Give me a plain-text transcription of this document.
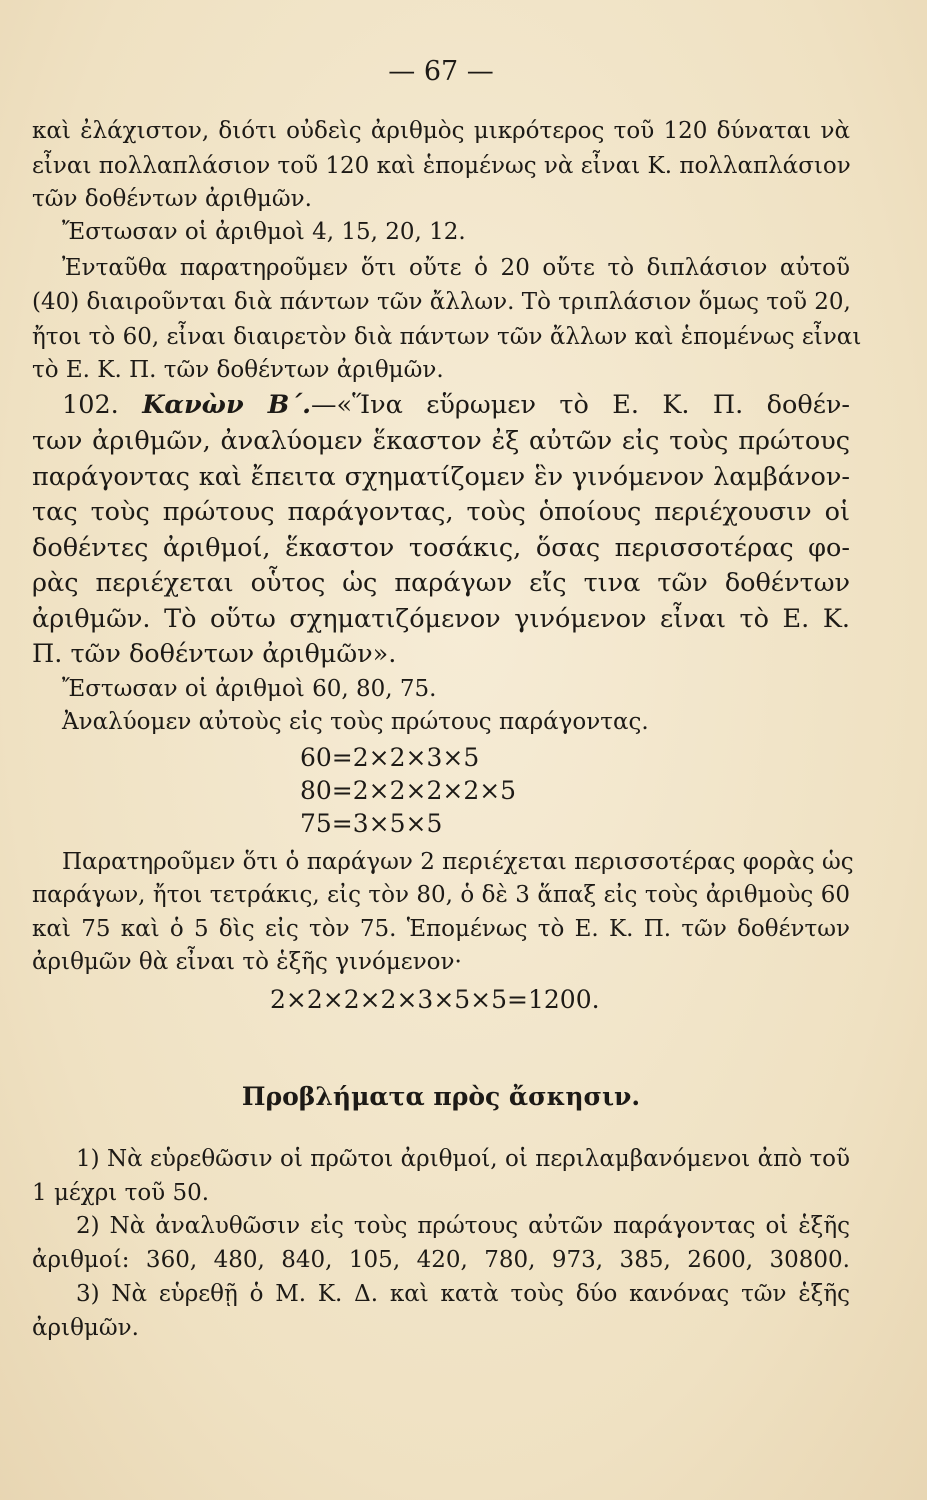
— 67 —
καὶ ἐλάχιστον, διότι οὐδεὶς ἀριθμὸς μικρότερος τοῦ 120 δύναται νὰ
εἶναι πολλαπλάσιον τοῦ 120 καὶ ἑπομένως νὰ εἶναι Κ. πολλαπλάσιον
τῶν δοθέντων ἀριθμῶν.
Ἔστωσαν οἱ ἀριθμοὶ 4, 15, 20, 12.
Ἐνταῦθα παρατηροῦμεν ὅτι οὔτε ὁ 20 οὔτε τὸ διπλάσιον αὐτοῦ
(40) διαιροῦνται διὰ πάντων τῶν ἄλλων. Τὸ τριπλάσιον ὅμως τοῦ 20,
ἤτοι τὸ 60, εἶναι διαιρετὸν διὰ πάντων τῶν ἄλλων καὶ ἑπομένως εἶναι
τὸ Ε. Κ. Π. τῶν δοθέντων ἀριθμῶν.
102. Κανὼν Β΄.—«Ἵνα εὕρωμεν τὸ Ε. Κ. Π. δοθέν-
των ἀριθμῶν, ἀναλύομεν ἕκαστον ἐξ αὐτῶν εἰς τοὺς πρώτους
παράγοντας καὶ ἔπειτα σχηματίζομεν ἓν γινόμενον λαμβάνον-
τας τοὺς πρώτους παράγοντας, τοὺς ὁποίους περιέχουσιν οἱ
δοθέντες ἀριθμοί, ἕκαστον τοσάκις, ὅσας περισσοτέρας φο-
ρὰς περιέχεται οὗτος ὡς παράγων εἴς τινα τῶν δοθέντων
ἀριθμῶν. Τὸ οὕτω σχηματιζόμενον γινόμενον εἶναι τὸ Ε. Κ.
Π. τῶν δοθέντων ἀριθμῶν».
Ἔστωσαν οἱ ἀριθμοὶ 60, 80, 75.
Ἀναλύομεν αὐτοὺς εἰς τοὺς πρώτους παράγοντας.
60=2×2×3×5
80=2×2×2×2×5
75=3×5×5
Παρατηροῦμεν ὅτι ὁ παράγων 2 περιέχεται περισσοτέρας φορὰς ὡς
παράγων, ἤτοι τετράκις, εἰς τὸν 80, ὁ δὲ 3 ἅπαξ εἰς τοὺς ἀριθμοὺς 60
καὶ 75 καὶ ὁ 5 δὶς εἰς τὸν 75. Ἑπομένως τὸ Ε. Κ. Π. τῶν δοθέντων
ἀριθμῶν θὰ εἶναι τὸ ἑξῆς γινόμενον·
2×2×2×2×3×5×5=1200.
Προβλήματα πρὸς ἄσκησιν.
1) Νὰ εὑρεθῶσιν οἱ πρῶτοι ἀριθμοί, οἱ περιλαμβανόμενοι ἀπὸ τοῦ
1 μέχρι τοῦ 50.
2) Νὰ ἀναλυθῶσιν εἰς τοὺς πρώτους αὐτῶν παράγοντας οἱ ἑξῆς
ἀριθμοί: 360, 480, 840, 105, 420, 780, 973, 385, 2600, 30800.
3) Νὰ εὑρεθῇ ὁ Μ. Κ. Δ. καὶ κατὰ τοὺς δύο κανόνας τῶν ἑξῆς
ἀριθμῶν.
